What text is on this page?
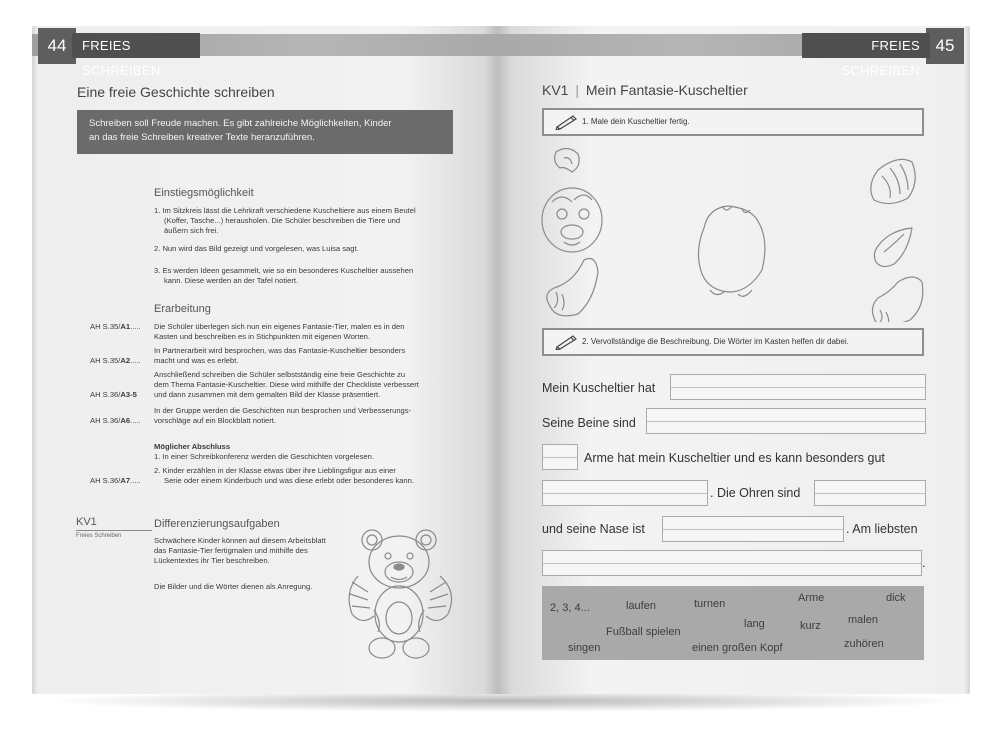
44	FREIES SCHREIBEN
Eine freie Geschichte schreiben
Schreiben soll Freude machen. Es gibt zahlreiche Möglichkeiten, Kinder
an das freie Schreiben kreativer Texte heranzuführen.
Einstiegsmöglichkeit
1. Im Sitzkreis lässt die Lehrkraft verschiedene Kuscheltiere aus einem Beutel
(Koffer, Tasche...) herausholen. Die Schüler beschreiben die Tiere und
äußern sich frei.
2. Nun wird das Bild gezeigt und vorgelesen, was Luisa sagt.
3. Es werden Ideen gesammelt, wie so ein besonderes Kuscheltier aussehen
kann. Diese werden an der Tafel notiert.
Erarbeitung
AH S.35/A1..... Die Schüler überlegen sich nun ein eigenes Fantasie-Tier, malen es in den
Kasten und beschreiben es in Stichpunkten mit eigenen Worten.
AH S.35/A2.....
In Partnerarbeit wird besprochen, was das Fantasie-Kuscheltier besonders
macht und was es erlebt.
AH S.36/A3-5
Anschließend schreiben die Schüler selbstständig eine freie Geschichte zu
dem Thema Fantasie-Kuscheltier. Diese wird mithilfe der Checkliste verbessert
und dann zusammen mit dem gemalten Bild der Klasse präsentiert.
AH S.36/A6.....
In der Gruppe werden die Geschichten nun besprochen und Verbesserungs-
vorschläge auf ein Blockblatt notiert.
Möglicher Abschluss
1. In einer Schreibkonferenz werden die Geschichten vorgelesen.
AH S.36/A7.....
2. Kinder erzählen in der Klasse etwas über ihre Lieblingsfigur aus einer
Serie oder einem Kinderbuch und was diese erlebt oder besonderes kann.
KV1
Freies Schreiben
Differenzierungsaufgaben
Schwächere Kinder können auf diesem Arbeitsblatt
das Fantasie-Tier fertigmalen und mithilfe des
Lückentextes ihr Tier beschreiben.
Die Bilder und die Wörter dienen als Anregung.
45
FREIES SCHREIBEN
KV1 | Mein Fantasie-Kuscheltier
1. Male dein Kuscheltier fertig.
2. Vervollständige die Beschreibung. Die Wörter im Kasten helfen dir dabei.
Mein Kuscheltier hat
Seine Beine sind
Arme hat mein Kuscheltier und es kann besonders gut
. Die Ohren sind
und seine Nase ist	. Am liebsten
.
2, 3, 4...	laufen	turnen	Arme	dick
lang	kurz malen
Fußball spielen
singen	einen großen Kopf	zuhören
